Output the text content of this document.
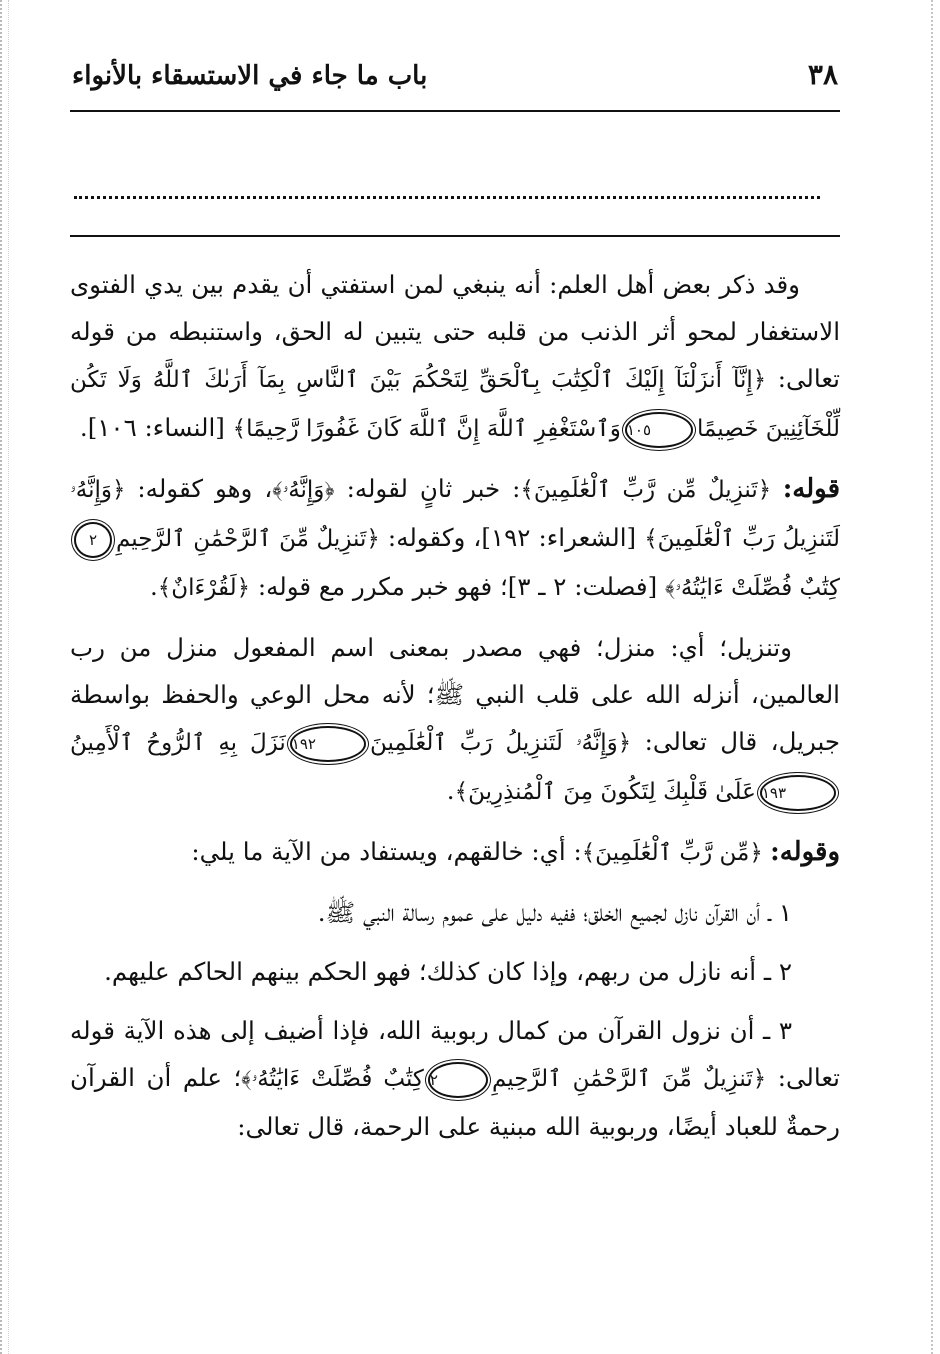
٣٨
باب ما جاء في الاستسقاء بالأنواء

وقد ذكر بعض أهل العلم: أنه ينبغي لمن استفتي أن يقدم بين يدي الفتوى الاستغفار لمحو أثر الذنب من قلبه حتى يتبين له الحق، واستنبطه من قوله تعالى: ﴿إِنَّآ أَنزَلْنَآ إِلَيْكَ ٱلْكِتَٰبَ بِٱلْحَقِّ لِتَحْكُمَ بَيْنَ ٱلنَّاسِ بِمَآ أَرَىٰكَ ٱللَّهُ وَلَا تَكُن لِّلْخَآئِنِينَ خَصِيمًا١٠٥وَٱسْتَغْفِرِ ٱللَّهَ إِنَّ ٱللَّهَ كَانَ غَفُورًا رَّحِيمًا﴾ [النساء: ١٠٦].

قوله: ﴿تَنزِيلٌ مِّن رَّبِّ ٱلْعَٰلَمِينَ﴾: خبر ثانٍ لقوله: ﴿وَإِنَّهُۥ﴾، وهو كقوله: ﴿وَإِنَّهُۥ لَتَنزِيلُ رَبِّ ٱلْعَٰلَمِينَ﴾ [الشعراء: ١٩٢]، وكقوله: ﴿تَنزِيلٌ مِّنَ ٱلرَّحْمَٰنِ ٱلرَّحِيمِ٢كِتَٰبٌ فُصِّلَتْ ءَايَٰتُهُۥ﴾ [فصلت: ٢ ـ ٣]؛ فهو خبر مكرر مع قوله: ﴿لَقُرْءَانٌ﴾.

وتنزيل؛ أي: منزل؛ فهي مصدر بمعنى اسم المفعول منزل من رب العالمين، أنزله الله على قلب النبي ﷺ؛ لأنه محل الوعي والحفظ بواسطة جبريل، قال تعالى: ﴿وَإِنَّهُۥ لَتَنزِيلُ رَبِّ ٱلْعَٰلَمِينَ١٩٢نَزَلَ بِهِ ٱلرُّوحُ ٱلْأَمِينُ١٩٣عَلَىٰ قَلْبِكَ لِتَكُونَ مِنَ ٱلْمُنذِرِينَ﴾.

وقوله: ﴿مِّن رَّبِّ ٱلْعَٰلَمِينَ﴾: أي: خالقهم، ويستفاد من الآية ما يلي:

١ ـ أن القرآن نازل لجميع الخلق؛ ففيه دليل على عموم رسالة النبي ﷺ.

٢ ـ أنه نازل من ربهم، وإذا كان كذلك؛ فهو الحكم بينهم الحاكم عليهم.

٣ ـ أن نزول القرآن من كمال ربوبية الله، فإذا أضيف إلى هذه الآية قوله تعالى: ﴿تَنزِيلٌ مِّنَ ٱلرَّحْمَٰنِ ٱلرَّحِيمِ٢كِتَٰبٌ فُصِّلَتْ ءَايَٰتُهُۥ﴾؛ علم أن القرآن رحمةٌ للعباد أيضًا، وربوبية الله مبنية على الرحمة، قال تعالى:
